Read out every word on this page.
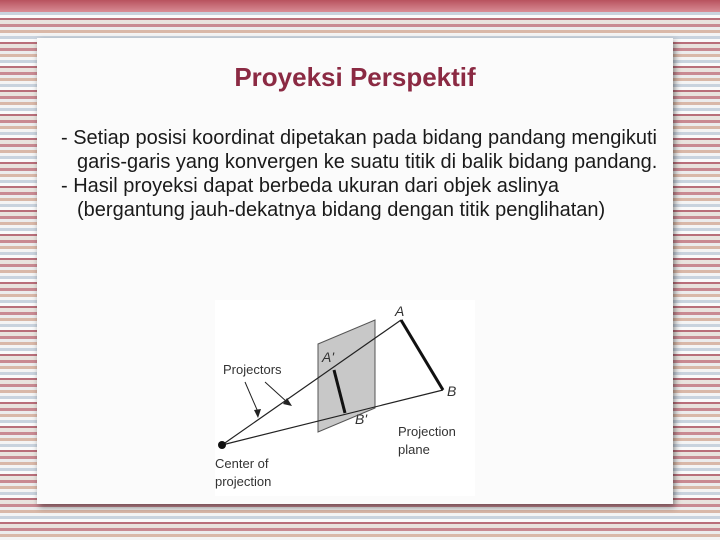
Proyeksi Perspektif

- Setiap posisi koordinat dipetakan pada bidang pandang mengikuti garis-garis yang konvergen ke suatu titik di balik bidang pandang.

- Hasil proyeksi dapat berbeda ukuran dari objek aslinya (bergantung jauh-dekatnya bidang dengan titik penglihatan)

A
B
A'
B'
Projectors
Projection
plane
Center of
projection
